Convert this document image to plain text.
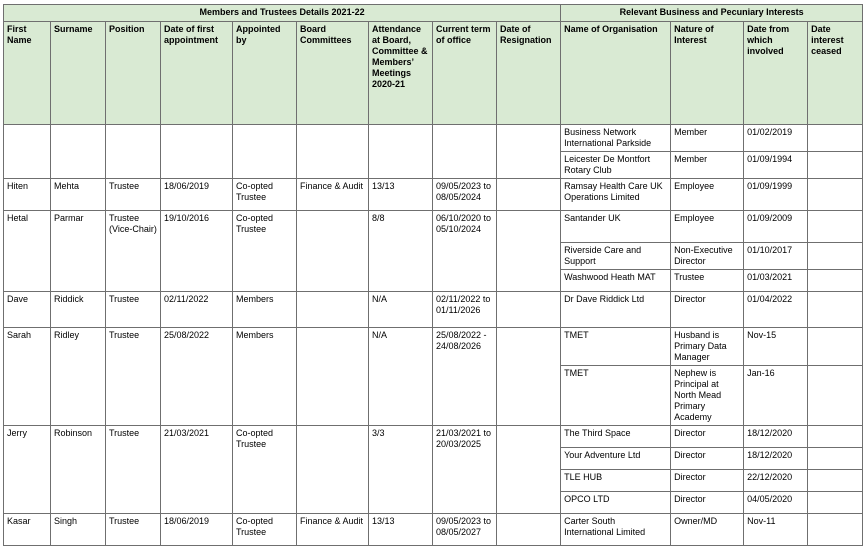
Members and Trustees Details 2021-22									Relevant Business and Pecuniary Interests			
First Name	Surname	Position	Date of first appointment	Appointed by	Board Committees	Attendance at Board, Committee & Members’ Meetings 2020-21	Current term of office	Date of Resignation	Name of Organisation	Nature of Interest	Date from which involved	Date interest ceased
									Business Network International Parkside	Member	01/02/2019	
									Leicester De Montfort Rotary Club	Member	01/09/1994	
Hiten	Mehta	Trustee	18/06/2019	Co-opted Trustee	Finance & Audit	13/13	09/05/2023 to 08/05/2024		Ramsay Health Care UK Operations Limited	Employee	01/09/1999	
Hetal	Parmar	Trustee (Vice-Chair)	19/10/2016	Co-opted Trustee		8/8	06/10/2020 to 05/10/2024		Santander UK	Employee	01/09/2009	
									Riverside Care and Support	Non-Executive Director	01/10/2017	
									Washwood Heath MAT	Trustee	01/03/2021	
Dave	Riddick	Trustee	02/11/2022	Members		N/A	02/11/2022 to 01/11/2026		Dr Dave Riddick Ltd	Director	01/04/2022	
Sarah	Ridley	Trustee	25/08/2022	Members		N/A	25/08/2022 - 24/08/2026		TMET	Husband is Primary Data Manager	Nov-15	
									TMET	Nephew is Principal at North Mead Primary Academy	Jan-16	
Jerry	Robinson	Trustee	21/03/2021	Co-opted Trustee		3/3	21/03/2021 to 20/03/2025		The Third Space	Director	18/12/2020	
									Your Adventure Ltd	Director	18/12/2020	
									TLE HUB	Director	22/12/2020	
									OPCO LTD	Director	04/05/2020	
Kasar	Singh	Trustee	18/06/2019	Co-opted Trustee	Finance & Audit	13/13	09/05/2023 to 08/05/2027		Carter South International Limited	Owner/MD	Nov-11	
